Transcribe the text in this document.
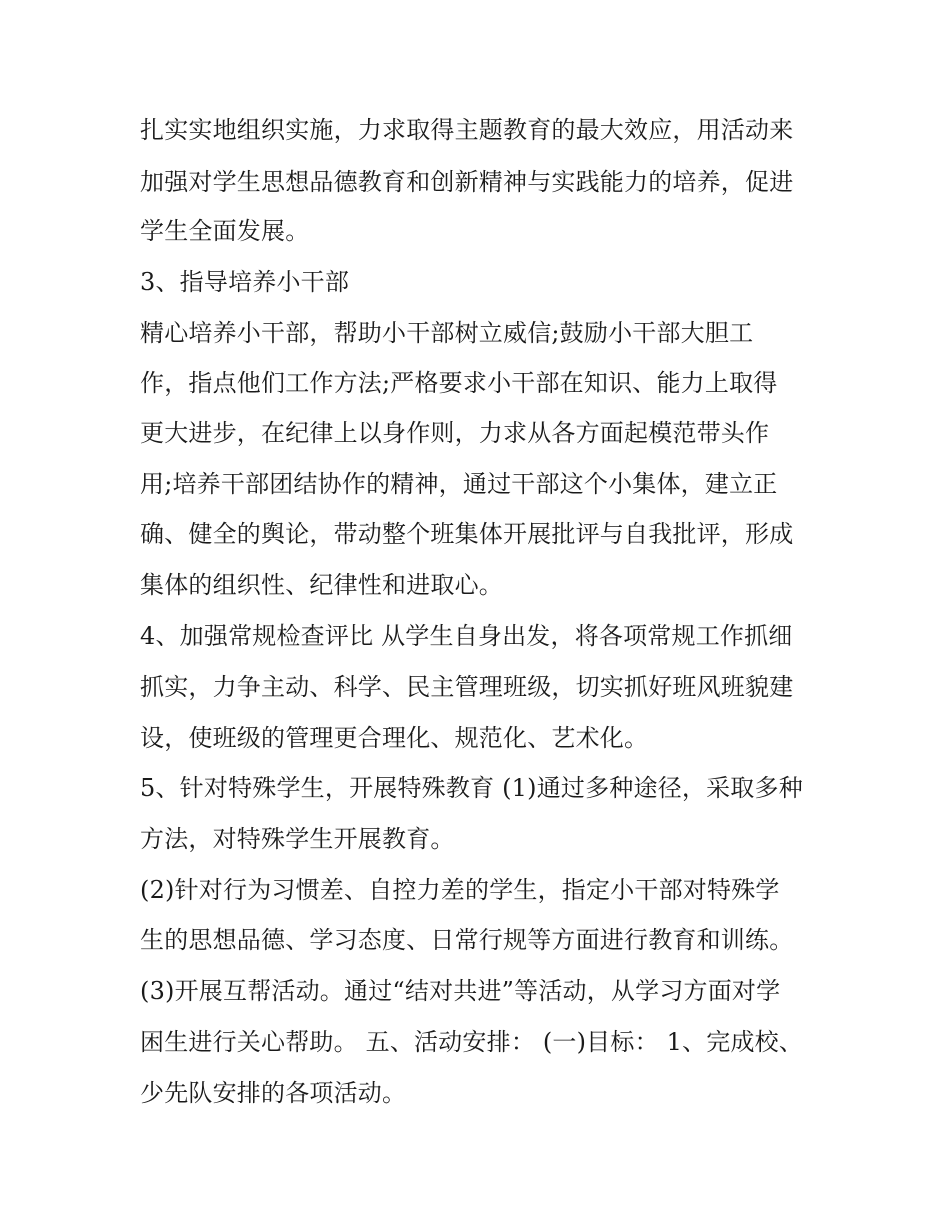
扎实实地组织实施，力求取得主题教育的最大效应，用活动来
加强对学生思想品德教育和创新精神与实践能力的培养，促进
学生全面发展。
3、指导培养小干部
精心培养小干部，帮助小干部树立威信;鼓励小干部大胆工
作，指点他们工作方法;严格要求小干部在知识、能力上取得
更大进步，在纪律上以身作则，力求从各方面起模范带头作
用;培养干部团结协作的精神，通过干部这个小集体，建立正
确、健全的舆论，带动整个班集体开展批评与自我批评，形成
集体的组织性、纪律性和进取心。
4、加强常规检查评比 从学生自身出发，将各项常规工作抓细
抓实，力争主动、科学、民主管理班级，切实抓好班风班貌建
设，使班级的管理更合理化、规范化、艺术化。
5、针对特殊学生，开展特殊教育 (1)通过多种途径，采取多种
方法，对特殊学生开展教育。
(2)针对行为习惯差、自控力差的学生，指定小干部对特殊学
生的思想品德、学习态度、日常行规等方面进行教育和训练。
(3)开展互帮活动。通过“结对共进”等活动，从学习方面对学
困生进行关心帮助。 五、活动安排： (一)目标： 1、完成校、
少先队安排的各项活动。
